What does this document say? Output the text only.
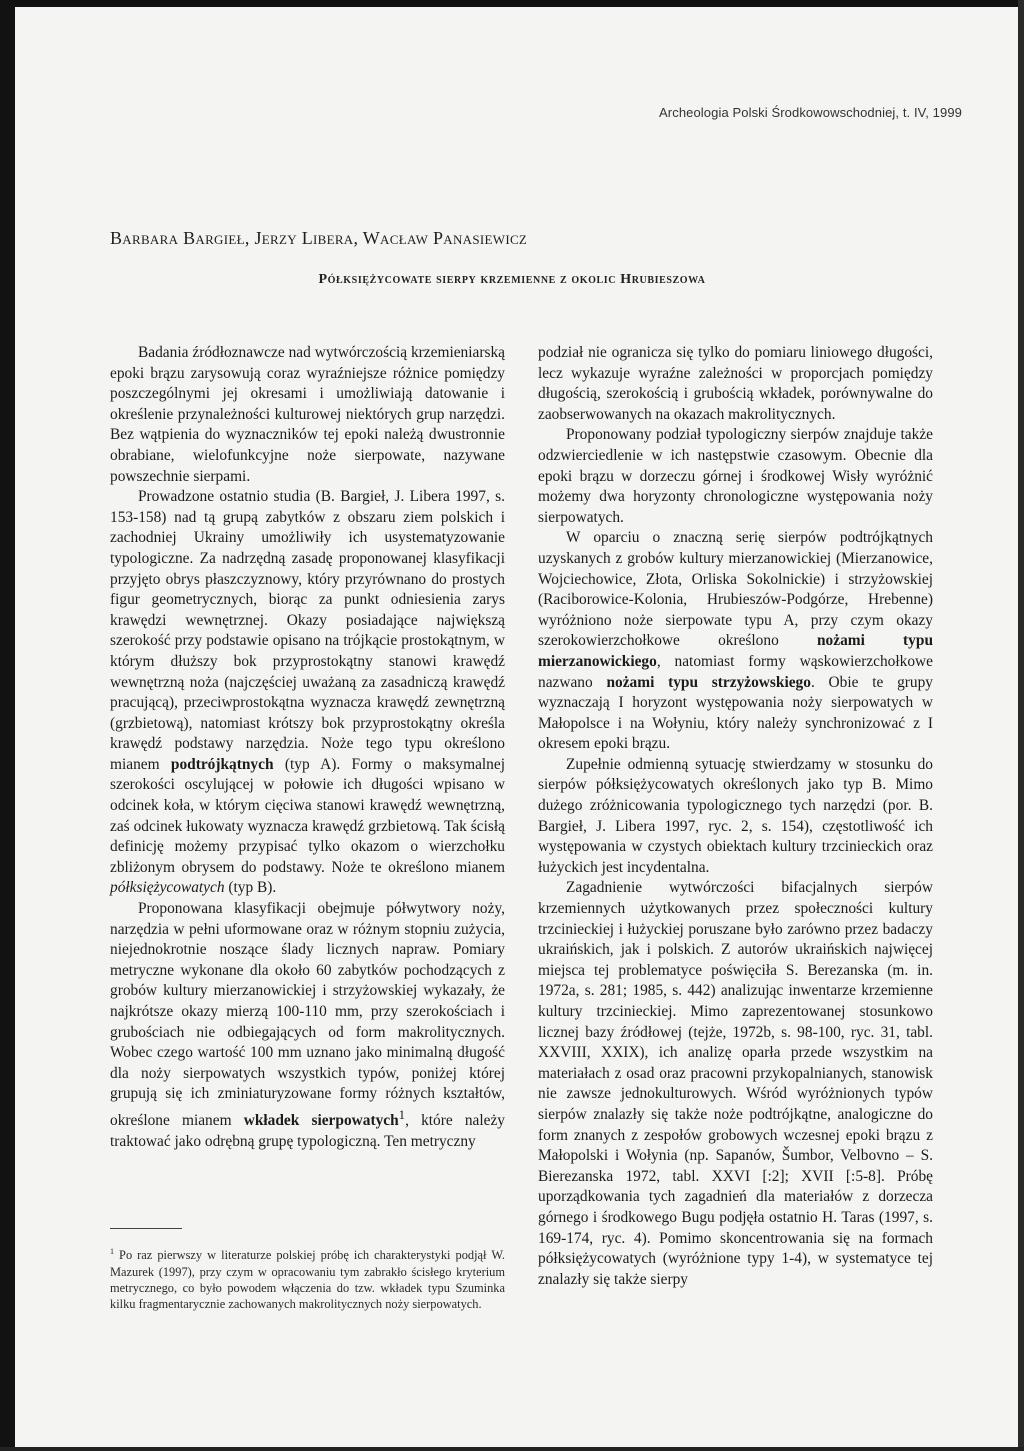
Archeologia Polski Środkowowschodniej, t. IV, 1999
Barbara Bargieł, Jerzy Libera, Wacław Panasiewicz
Półksiężycowate sierpy krzemienne z okolic Hrubieszowa

Badania źródłoznawcze nad wytwórczością krzemieniarską epoki brązu zarysowują coraz wyraźniejsze różnice pomiędzy poszczególnymi jej okresami i umożliwiają datowanie i określenie przynależności kulturowej niektórych grup narzędzi. Bez wątpienia do wyznaczników tej epoki należą dwustronnie obrabiane, wielofunkcyjne noże sierpowate, nazywane powszechnie sierpami.

Prowadzone ostatnio studia (B. Bargieł, J. Libera 1997, s. 153-158) nad tą grupą zabytków z obszaru ziem polskich i zachodniej Ukrainy umożliwiły ich usystematyzowanie typologiczne. Za nadrzędną zasadę proponowanej klasyfikacji przyjęto obrys płaszczyznowy, który przyrównano do prostych figur geometrycznych, biorąc za punkt odniesienia zarys krawędzi wewnętrznej. Okazy posiadające największą szerokość przy podstawie opisano na trójkącie prostokątnym, w którym dłuższy bok przyprostokątny stanowi krawędź wewnętrzną noża (najczęściej uważaną za zasadniczą krawędź pracującą), przeciwprostokątna wyznacza krawędź zewnętrzną (grzbietową), natomiast krótszy bok przyprostokątny określa krawędź podstawy narzędzia. Noże tego typu określono mianem podtrójkątnych (typ A). Formy o maksymalnej szerokości oscylującej w połowie ich długości wpisano w odcinek koła, w którym cięciwa stanowi krawędź wewnętrzną, zaś odcinek łukowaty wyznacza krawędź grzbietową. Tak ścisłą definicję możemy przypisać tylko okazom o wierzchołku zbliżonym obrysem do podstawy. Noże te określono mianem półksiężycowatych (typ B).

Proponowana klasyfikacji obejmuje półwytwory noży, narzędzia w pełni uformowane oraz w różnym stopniu zużycia, niejednokrotnie noszące ślady licznych napraw. Pomiary metryczne wykonane dla około 60 zabytków pochodzących z grobów kultury mierzanowickiej i strzyżowskiej wykazały, że najkrótsze okazy mierzą 100-110 mm, przy szerokościach i grubościach nie odbiegających od form makrolitycznych. Wobec czego wartość 100 mm uznano jako minimalną długość dla noży sierpowatych wszystkich typów, poniżej której grupują się ich zminiaturyzowane formy różnych kształtów, określone mianem wkładek sierpowatych$^1$, które należy traktować jako odrębną grupę typologiczną. Ten metryczny

podział nie ogranicza się tylko do pomiaru liniowego długości, lecz wykazuje wyraźne zależności w proporcjach pomiędzy długością, szerokością i grubością wkładek, porównywalne do zaobserwowanych na okazach makrolitycznych.

Proponowany podział typologiczny sierpów znajduje także odzwierciedlenie w ich następstwie czasowym. Obecnie dla epoki brązu w dorzeczu górnej i środkowej Wisły wyróżnić możemy dwa horyzonty chronologiczne występowania noży sierpowatych.

W oparciu o znaczną serię sierpów podtrójkątnych uzyskanych z grobów kultury mierzanowickiej (Mierzanowice, Wojciechowice, Złota, Orliska Sokolnickie) i strzyżowskiej (Raciborowice-Kolonia, Hrubieszów-Podgórze, Hrebenne) wyróżniono noże sierpowate typu A, przy czym okazy szerokowierzchołkowe określono nożami typu mierzanowickiego, natomiast formy wąskowierzchołkowe nazwano nożami typu strzyżowskiego. Obie te grupy wyznaczają I horyzont występowania noży sierpowatych w Małopolsce i na Wołyniu, który należy synchronizować z I okresem epoki brązu.

Zupełnie odmienną sytuację stwierdzamy w stosunku do sierpów półksiężycowatych określonych jako typ B. Mimo dużego zróżnicowania typologicznego tych narzędzi (por. B. Bargieł, J. Libera 1997, ryc. 2, s. 154), częstotliwość ich występowania w czystych obiektach kultury trzcinieckich oraz łużyckich jest incydentalna.

Zagadnienie wytwórczości bifacjalnych sierpów krzemiennych użytkowanych przez społeczności kultury trzcinieckiej i łużyckiej poruszane było zarówno przez badaczy ukraińskich, jak i polskich. Z autorów ukraińskich najwięcej miejsca tej problematyce poświęciła S. Berezanska (m. in. 1972a, s. 281; 1985, s. 442) analizując inwentarze krzemienne kultury trzcinieckiej. Mimo zaprezentowanej stosunkowo licznej bazy źródłowej (tejże, 1972b, s. 98-100, ryc. 31, tabl. XXVIII, XXIX), ich analizę oparła przede wszystkim na materiałach z osad oraz pracowni przykopalnianych, stanowisk nie zawsze jednokulturowych. Wśród wyróżnionych typów sierpów znalazły się także noże podtrójkątne, analogiczne do form znanych z zespołów grobowych wczesnej epoki brązu z Małopolski i Wołynia (np. Sapanów, Šumbor, Velbovno – S. Bierezanska 1972, tabl. XXVI [:2]; XVII [:5-8]. Próbę uporządkowania tych zagadnień dla materiałów z dorzecza górnego i środkowego Bugu podjęła ostatnio H. Taras (1997, s. 169-174, ryc. 4). Pomimo skoncentrowania się na formach półksiężycowatych (wyróżnione typy 1-4), w systematyce tej znalazły się także sierpy

$^1$ Po raz pierwszy w literaturze polskiej próbę ich charakterystyki podjął W. Mazurek (1997), przy czym w opracowaniu tym zabrakło ścisłego kryterium metrycznego, co było powodem włączenia do tzw. wkładek typu Szuminka kilku fragmentarycznie zachowanych makrolitycznych noży sierpowatych.
